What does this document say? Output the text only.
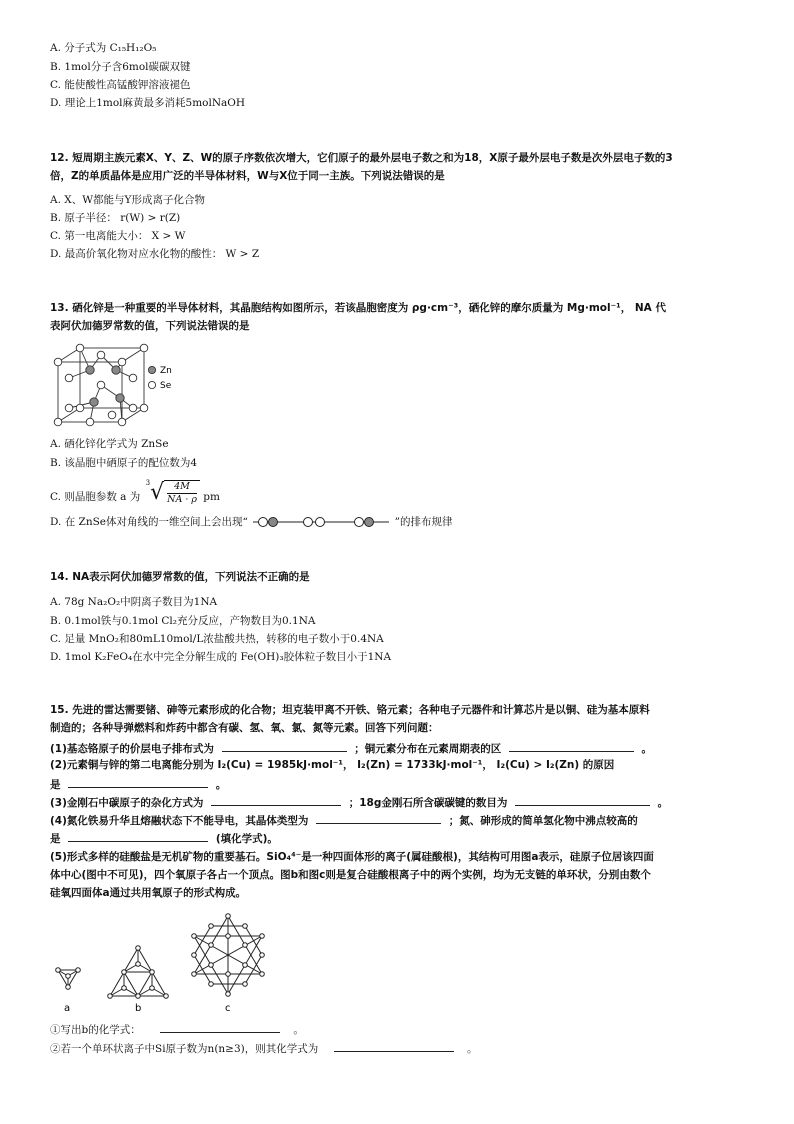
A. 分子式为 C₁₅H₁₂O₅
B. 1mol分子含6mol碳碳双键
C. 能使酸性高锰酸钾溶液褪色
D. 理论上1mol麻黄最多消耗5molNaOH
12. 短周期主族元素X、Y、Z、W的原子序数依次增大，它们原子的最外层电子数之和为18，X原子最外层电子数是次外层电子数的3
倍，Z的单质晶体是应用广泛的半导体材料，W与X位于同一主族。下列说法错误的是
A. X、W都能与Y形成离子化合物
B. 原子半径： r(W) > r(Z)
C. 第一电离能大小： X > W
D. 最高价氧化物对应水化物的酸性： W > Z
13. 硒化锌是一种重要的半导体材料，其晶胞结构如图所示，若该晶胞密度为 ρg·cm⁻³，硒化锌的摩尔质量为 Mg·mol⁻¹， NA 代
表阿伏加德罗常数的值，下列说法错误的是
Zn
Se
A. 硒化锌化学式为 ZnSe
B. 该晶胞中硒原子的配位数为4
C. 则晶胞参数 a 为 $^3√ \frac{4M}{NA \cdot \rho}$ pm
D. 在 ZnSe体对角线的一维空间上会出现“	”的排布规律
14. NA表示阿伏加德罗常数的值，下列说法不正确的是
A. 78g Na₂O₂中阴离子数目为1NA
B. 0.1mol铁与0.1mol Cl₂充分反应，产物数目为0.1NA
C. 足量 MnO₂和80mL10mol/L浓盐酸共热，转移的电子数小于0.4NA
D. 1mol K₂FeO₄在水中完全分解生成的 Fe(OH)₃胶体粒子数目小于1NA
15. 先进的雷达需要锗、砷等元素形成的化合物；坦克装甲离不开铁、铬元素；各种电子元器件和计算芯片是以铜、硅为基本原料
制造的；各种导弹燃料和炸药中都含有碳、氢、氧、氯、氮等元素。回答下列问题：
(1)基态铬原子的价层电子排布式为	；铜元素分布在元素周期表的区	。
(2)元素铜与锌的第二电离能分别为 I₂(Cu) = 1985kJ·mol⁻¹， I₂(Zn) = 1733kJ·mol⁻¹， I₂(Cu) > I₂(Zn) 的原因
是	。
(3)金刚石中碳原子的杂化方式为	；18g金刚石所含碳碳键的数目为	。
(4)氮化铁易升华且熔融状态下不能导电，其晶体类型为	；氮、砷形成的简单氢化物中沸点较高的
是	(填化学式)。
(5)形式多样的硅酸盐是无机矿物的重要基石。SiO₄⁴⁻是一种四面体形的离子(属硅酸根)，其结构可用图a表示，硅原子位居该四面
体中心(图中不可见)，四个氧原子各占一个顶点。图b和图c则是复合硅酸根离子中的两个实例，均为无支链的单环状，分别由数个
硅氧四面体a通过共用氧原子的形式构成。
a	b	c
①写出b的化学式：	。
②若一个单环状离子中Si原子数为n(n≥3)，则其化学式为	。
